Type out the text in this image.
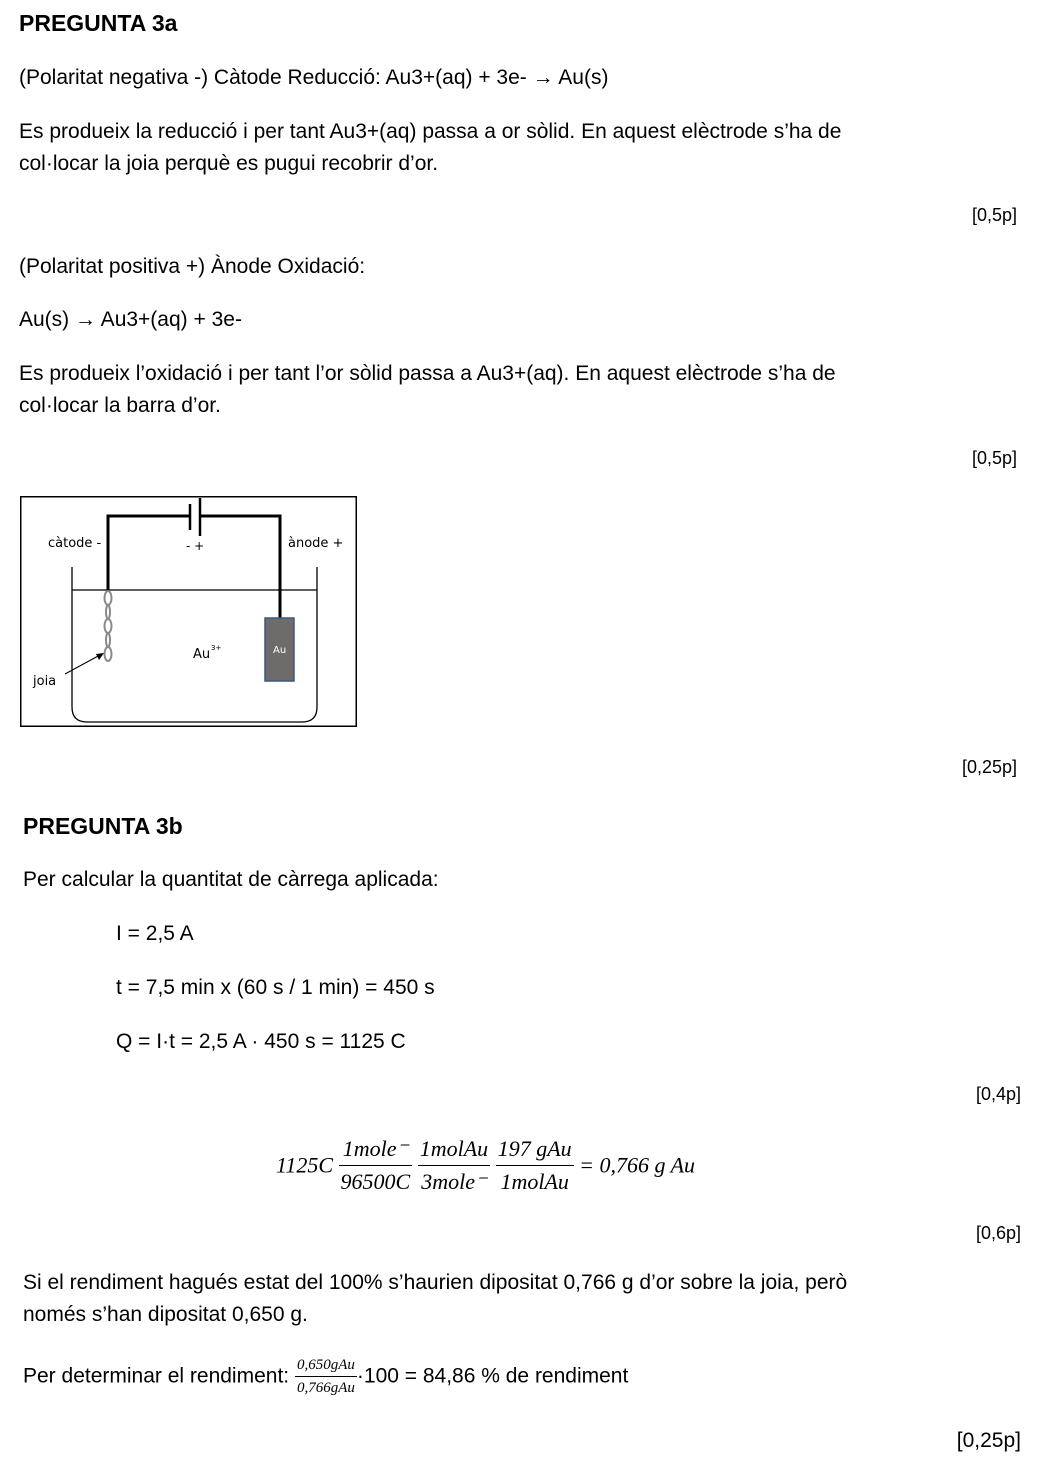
PREGUNTA 3a
(Polaritat negativa -) Càtode Reducció: Au3+(aq) + 3e- → Au(s)
Es produeix la reducció i per tant Au3+(aq) passa a or sòlid. En aquest elèctrode s’ha de
col·locar la joia perquè es pugui recobrir d’or.
[0,5p]
(Polaritat positiva +) Ànode Oxidació:
Au(s) → Au3+(aq) + 3e-
Es produeix l’oxidació i per tant l’or sòlid passa a Au3+(aq). En aquest elèctrode s’ha de
col·locar la barra d’or.
[0,5p]
càtode -	- +	ànode +
Au 3+	Au
joia
[0,25p]
PREGUNTA 3b
Per calcular la quantitat de càrrega aplicada:
I = 2,5 A
t = 7,5 min x (60 s / 1 min) = 450 s
Q = I·t = 2,5 A · 450 s = 1125 C
[0,4p]
$1125C \frac{\text{1mole⁻}}{96500C}$
$\frac{\text{1molAu}}{\text{3mole⁻}}$
$\frac{\text{197 gAu}}{\text{1molAu}} = 0,766$ g Au
[0,6p]
Si el rendiment hagués estat del 100% s’haurien dipositat 0,766 g d’or sobre la joia, però
només s’han dipositat 0,650 g.
Per determinar el rendiment: $\frac{\text{0,650gAu}}{\text{0,766gAu}} \cdot 100 = 84,86$ % de rendiment
[0,25p]
